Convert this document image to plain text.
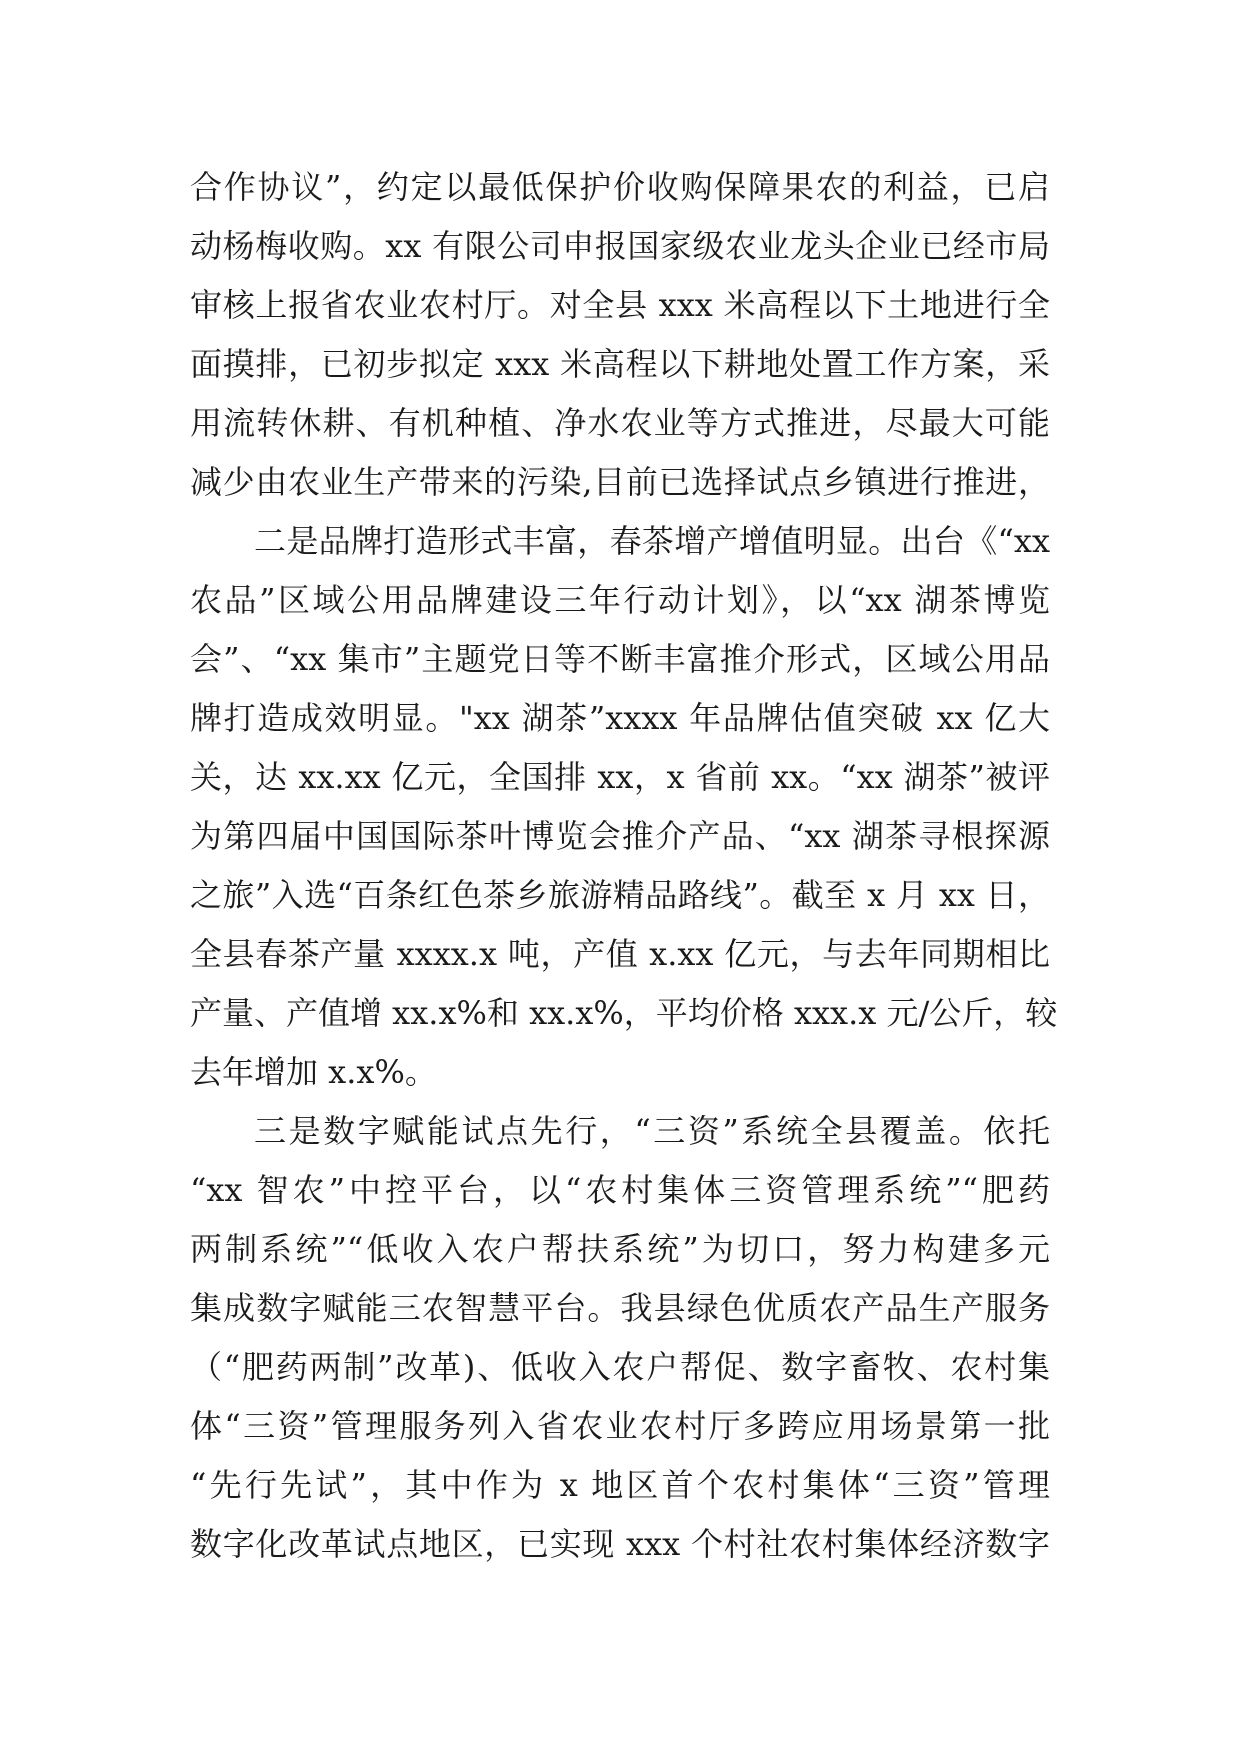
合作协议”，约定以最低保护价收购保障果农的利益，已启
动杨梅收购。xx 有限公司申报国家级农业龙头企业已经市局
审核上报省农业农村厅。对全县 xxx 米高程以下土地进行全
面摸排，已初步拟定 xxx 米高程以下耕地处置工作方案，采
用流转休耕、有机种植、净水农业等方式推进，尽最大可能
减少由农业生产带来的污染,目前已选择试点乡镇进行推进，
二是品牌打造形式丰富，春茶增产增值明显。出台《“xx
农品”区域公用品牌建设三年行动计划》，以“xx 湖茶博览
会”、“xx 集市”主题党日等不断丰富推介形式，区域公用品
牌打造成效明显。"xx 湖茶”xxxx 年品牌估值突破 xx 亿大
关，达 xx.xx 亿元，全国排 xx，x 省前 xx。“xx 湖茶”被评
为第四届中国国际茶叶博览会推介产品、“xx 湖茶寻根探源
之旅”入选“百条红色茶乡旅游精品路线”。截至 x 月 xx 日，
全县春茶产量 xxxx.x 吨，产值 x.xx 亿元，与去年同期相比
产量、产值增 xx.x%和 xx.x%，平均价格 xxx.x 元/公斤，较
去年增加 x.x%。
三是数字赋能试点先行，“三资”系统全县覆盖。依托
“xx 智农”中控平台，以“农村集体三资管理系统”“肥药
两制系统”“低收入农户帮扶系统”为切口，努力构建多元
集成数字赋能三农智慧平台。我县绿色优质农产品生产服务
（“肥药两制”改革)、低收入农户帮促、数字畜牧、农村集
体“三资”管理服务列入省农业农村厅多跨应用场景第一批
“先行先试”，其中作为 x 地区首个农村集体“三资”管理
数字化改革试点地区，已实现 xxx 个村社农村集体经济数字
